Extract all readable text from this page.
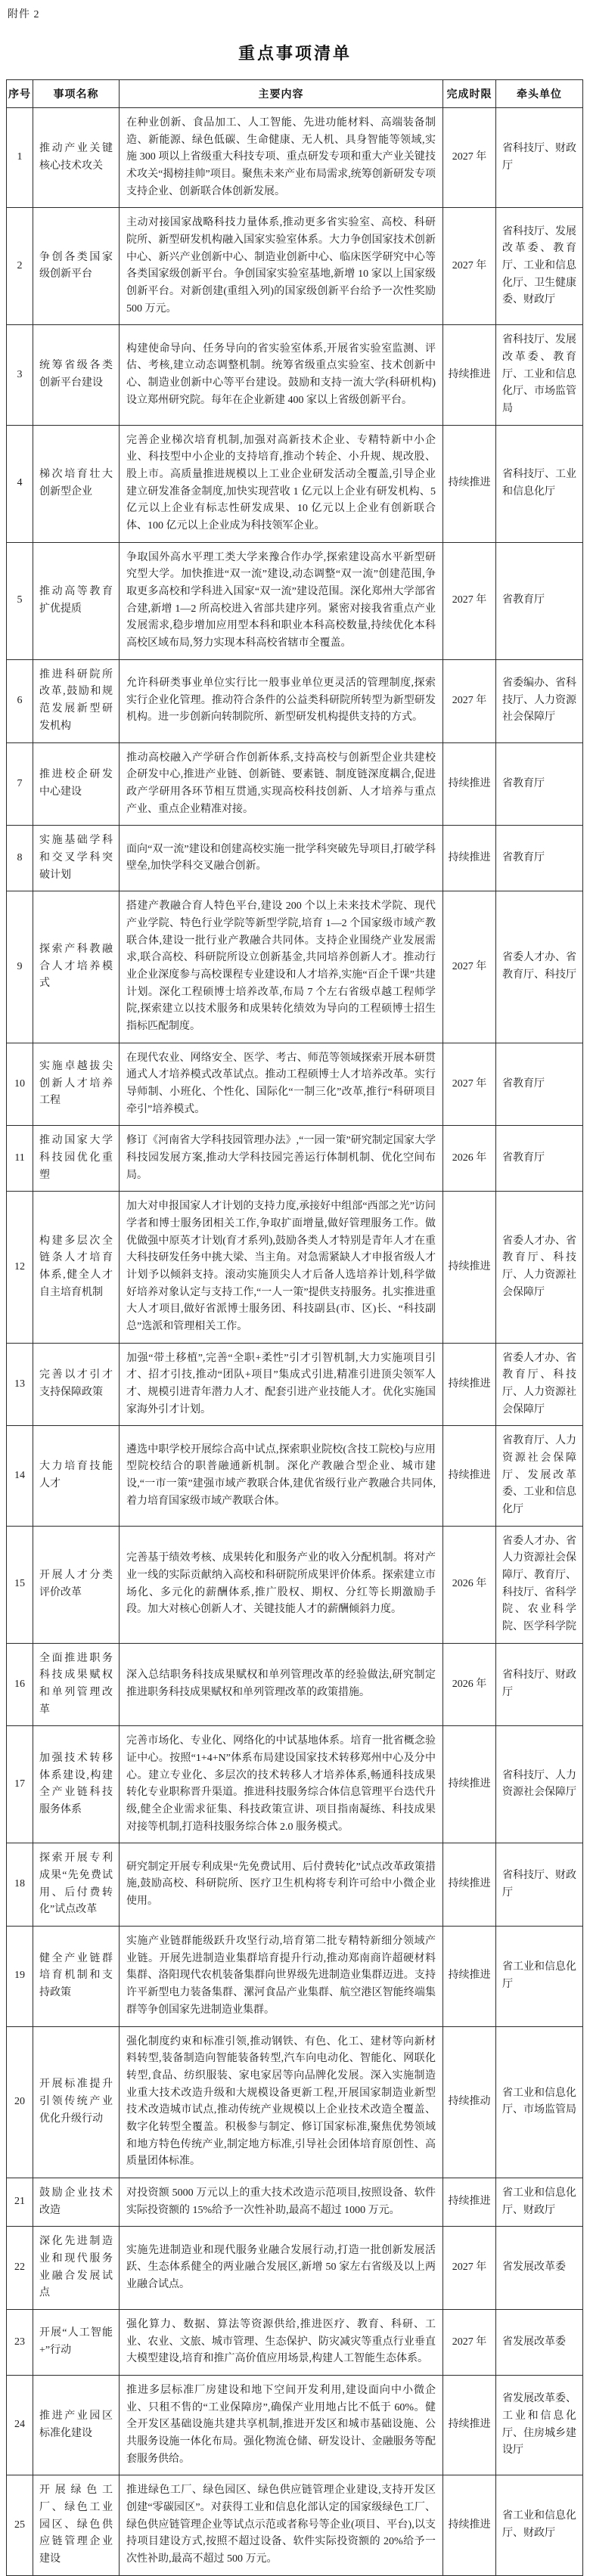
附件 2
重点事项清单
序号	事项名称	主要内容	完成时限	牵头单位
1	推动产业关键核心技术攻关	在种业创新、食品加工、人工智能、先进功能材料、高端装备制造、新能源、绿色低碳、生命健康、无人机、具身智能等领域,实施 300 项以上省级重大科技专项、重点研发专项和重大产业关键技术攻关“揭榜挂帅”项目。聚焦未来产业布局需求,统筹创新研发专项支持企业、创新联合体创新发展。	2027 年	省科技厅、财政厅
2	争创各类国家级创新平台	主动对接国家战略科技力量体系,推动更多省实验室、高校、科研院所、新型研发机构融入国家实验室体系。大力争创国家技术创新中心、新兴产业创新中心、制造业创新中心、临床医学研究中心等各类国家级创新平台。争创国家实验室基地,新增 10 家以上国家级创新平台。对新创建(重组入列)的国家级创新平台给予一次性奖励 500 万元。	2027 年	省科技厅、发展改革委、教育厅、工业和信息化厅、卫生健康委、财政厅
3	统筹省级各类创新平台建设	构建使命导向、任务导向的省实验室体系,开展省实验室监测、评估、考核,建立动态调整机制。统筹省级重点实验室、技术创新中心、制造业创新中心等平台建设。鼓励和支持一流大学(科研机构)设立郑州研究院。每年在企业新建 400 家以上省级创新平台。	持续推进	省科技厅、发展改革委、教育厅、工业和信息化厅、市场监管局
4	梯次培育壮大创新型企业	完善企业梯次培育机制,加强对高新技术企业、专精特新中小企业、科技型中小企业的支持培育,推动个转企、小升规、规改股、股上市。高质量推进规模以上工业企业研发活动全覆盖,引导企业建立研发准备金制度,加快实现营收 1 亿元以上企业有研发机构、5 亿元以上企业有标志性研发成果、10 亿元以上企业有创新联合体、100 亿元以上企业成为科技领军企业。	持续推进	省科技厅、工业和信息化厅
5	推动高等教育扩优提质	争取国外高水平理工类大学来豫合作办学,探索建设高水平新型研究型大学。加快推进“双一流”建设,动态调整“双一流”创建范围,争取更多高校和学科进入国家“双一流”建设范围。深化郑州大学部省合建,新增 1—2 所高校进入省部共建序列。紧密对接我省重点产业发展需求,稳步增加应用型本科和职业本科高校数量,持续优化本科高校区域布局,努力实现本科高校省辖市全覆盖。	2027 年	省教育厅
6	推进科研院所改革,鼓励和规范发展新型研发机构	允许科研类事业单位实行比一般事业单位更灵活的管理制度,探索实行企业化管理。推动符合条件的公益类科研院所转型为新型研发机构。进一步创新向转制院所、新型研发机构提供支持的方式。	2027 年	省委编办、省科技厅、人力资源社会保障厅
7	推进校企研发中心建设	推动高校融入产学研合作创新体系,支持高校与创新型企业共建校企研发中心,推进产业链、创新链、要素链、制度链深度耦合,促进政产学研用各环节相互贯通,实现高校科技创新、人才培养与重点产业、重点企业精准对接。	持续推进	省教育厅
8	实施基础学科和交叉学科突破计划	面向“双一流”建设和创建高校实施一批学科突破先导项目,打破学科壁垒,加快学科交叉融合创新。	持续推进	省教育厅
9	探索产科教融合人才培养模式	搭建产教融合育人特色平台,建设 200 个以上未来技术学院、现代产业学院、特色行业学院等新型学院,培育 1—2 个国家级市域产教联合体,建设一批行业产教融合共同体。支持企业围绕产业发展需求,联合高校、科研院所设立创新基金,共同培养创新人才。推动行业企业深度参与高校课程专业建设和人才培养,实施“百企千课”共建计划。深化工程硕博士培养改革,布局 7 个左右省级卓越工程师学院,探索建立以技术服务和成果转化绩效为导向的工程硕博士招生指标匹配制度。	2027 年	省委人才办、省教育厅、科技厅
10	实施卓越拔尖创新人才培养工程	在现代农业、网络安全、医学、考古、师范等领域探索开展本研贯通式人才培养模式改革试点。推动工程硕博士人才培养改革。实行导师制、小班化、个性化、国际化“一制三化”改革,推行“科研项目牵引”培养模式。	2027 年	省教育厅
11	推动国家大学科技园优化重塑	修订《河南省大学科技园管理办法》,“一园一策”研究制定国家大学科技园发展方案,推动大学科技园完善运行体制机制、优化空间布局。	2026 年	省教育厅
12	构建多层次全链条人才培育体系,健全人才自主培育机制	加大对申报国家人才计划的支持力度,承接好中组部“西部之光”访问学者和博士服务团相关工作,争取扩面增量,做好管理服务工作。做优做强中原英才计划(育才系列),鼓励各类人才特别是青年人才在重大科技研发任务中挑大梁、当主角。对急需紧缺人才申报省级人才计划予以倾斜支持。滚动实施顶尖人才后备人选培养计划,科学做好培养对象认定与支持工作,“一人一策”提供支持服务。扎实推进重大人才项目,做好省派博士服务团、科技副县(市、区)长、“科技副总”选派和管理相关工作。	持续推进	省委人才办、省教育厅、科技厅、人力资源社会保障厅
13	完善以才引才支持保障政策	加强“带土移植”,完善“全职+柔性”引才引智机制,大力实施项目引才、招才引技,推动“团队+项目”集成式引进,精准引进顶尖领军人才、规模引进青年潜力人才、配套引进产业技能人才。优化实施国家海外引才计划。	持续推进	省委人才办、省教育厅、科技厅、人力资源社会保障厅
14	大力培育技能人才	遴选中职学校开展综合高中试点,探索职业院校(含技工院校)与应用型院校结合的职普融通新机制。深化产教融合型企业、城市建设,“一市一策”建强市域产教联合体,建优省级行业产教融合共同体,着力培育国家级市域产教联合体。	持续推进	省教育厅、人力资源社会保障厅、发展改革委、工业和信息化厅
15	开展人才分类评价改革	完善基于绩效考核、成果转化和服务产业的收入分配机制。将对产业一线的实际贡献纳入高校和科研院所成果评价体系。探索建立市场化、多元化的薪酬体系,推广股权、期权、分红等长期激励手段。加大对核心创新人才、关键技能人才的薪酬倾斜力度。	2026 年	省委人才办、省人力资源社会保障厅、教育厅、科技厅、省科学院、农业科学院、医学科学院
16	全面推进职务科技成果赋权和单列管理改革	深入总结职务科技成果赋权和单列管理改革的经验做法,研究制定推进职务科技成果赋权和单列管理改革的政策措施。	2026 年	省科技厅、财政厅
17	加强技术转移体系建设,构建全产业链科技服务体系	完善市场化、专业化、网络化的中试基地体系。培育一批省概念验证中心。按照“1+4+N”体系布局建设国家技术转移郑州中心及分中心。建立专业化、多层次的技术转移人才培养体系,畅通科技成果转化专业职称晋升渠道。推进科技服务综合体信息管理平台迭代升级,健全企业需求征集、科技政策宣讲、项目指南凝练、科技成果对接等机制,打造科技服务综合体 2.0 服务模式。	持续推进	省科技厅、人力资源社会保障厅
18	探索开展专利成果“先免费试用、后付费转化”试点改革	研究制定开展专利成果“先免费试用、后付费转化”试点改革政策措施,鼓励高校、科研院所、医疗卫生机构将专利许可给中小微企业使用。	持续推进	省科技厅、财政厅
19	健全产业链群培育机制和支持政策	实施产业链群能级跃升攻坚行动,培育第二批专精特新细分领域产业链。开展先进制造业集群培育提升行动,推动郑南商许超硬材料集群、洛阳现代农机装备集群向世界级先进制造业集群迈进。支持许平新型电力装备集群、漯河食品产业集群、航空港区智能终端集群等争创国家先进制造业集群。	持续推进	省工业和信息化厅
20	开展标准提升引领传统产业优化升级行动	强化制度约束和标准引领,推动钢铁、有色、化工、建材等向新材料转型,装备制造向智能装备转型,汽车向电动化、智能化、网联化转型,食品、纺织服装、家电家居等向品牌化发展。深入实施制造业重大技术改造升级和大规模设备更新工程,开展国家制造业新型技术改造城市试点,推动传统产业规模以上企业技术改造全覆盖、数字化转型全覆盖。积极参与制定、修订国家标准,聚焦优势领域和地方特色传统产业,制定地方标准,引导社会团体培育原创性、高质量团体标准。	持续推动	省工业和信息化厅、市场监管局
21	鼓励企业技术改造	对投资额 5000 万元以上的重大技术改造示范项目,按照设备、软件实际投资额的 15%给予一次性补助,最高不超过 1000 万元。	持续推进	省工业和信息化厅、财政厅
22	深化先进制造业和现代服务业融合发展试点	实施先进制造业和现代服务业融合发展行动,打造一批创新发展活跃、生态体系健全的两业融合发展区,新增 50 家左右省级及以上两业融合试点。	2027 年	省发展改革委
23	开展“人工智能+”行动	强化算力、数据、算法等资源供给,推进医疗、教育、科研、工业、农业、文旅、城市管理、生态保护、防灾减灾等重点行业垂直大模型建设,培育和推广高价值应用场景,构建人工智能生态体系。	2027 年	省发展改革委
24	推进产业园区标准化建设	推进多层标准厂房建设和地下空间开发利用,建设面向中小微企业、只租不售的“工业保障房”,确保产业用地占比不低于 60%。健全开发区基础设施共建共享机制,推进开发区和城市基础设施、公共服务设施一体化布局。强化物流仓储、研发设计、金融服务等配套服务供给。	持续推进	省发展改革委、工业和信息化厅、住房城乡建设厅
25	开展绿色工厂、绿色工业园区、绿色供应链管理企业建设	推进绿色工厂、绿色园区、绿色供应链管理企业建设,支持开发区创建“零碳园区”。对获得工业和信息化部认定的国家级绿色工厂、绿色供应链管理企业等试点示范或者称号等企业(项目、平台),以支持项目建设方式,按照不超过设备、软件实际投资额的 20%给予一次性补助,最高不超过 500 万元。	持续推进	省工业和信息化厅、财政厅
